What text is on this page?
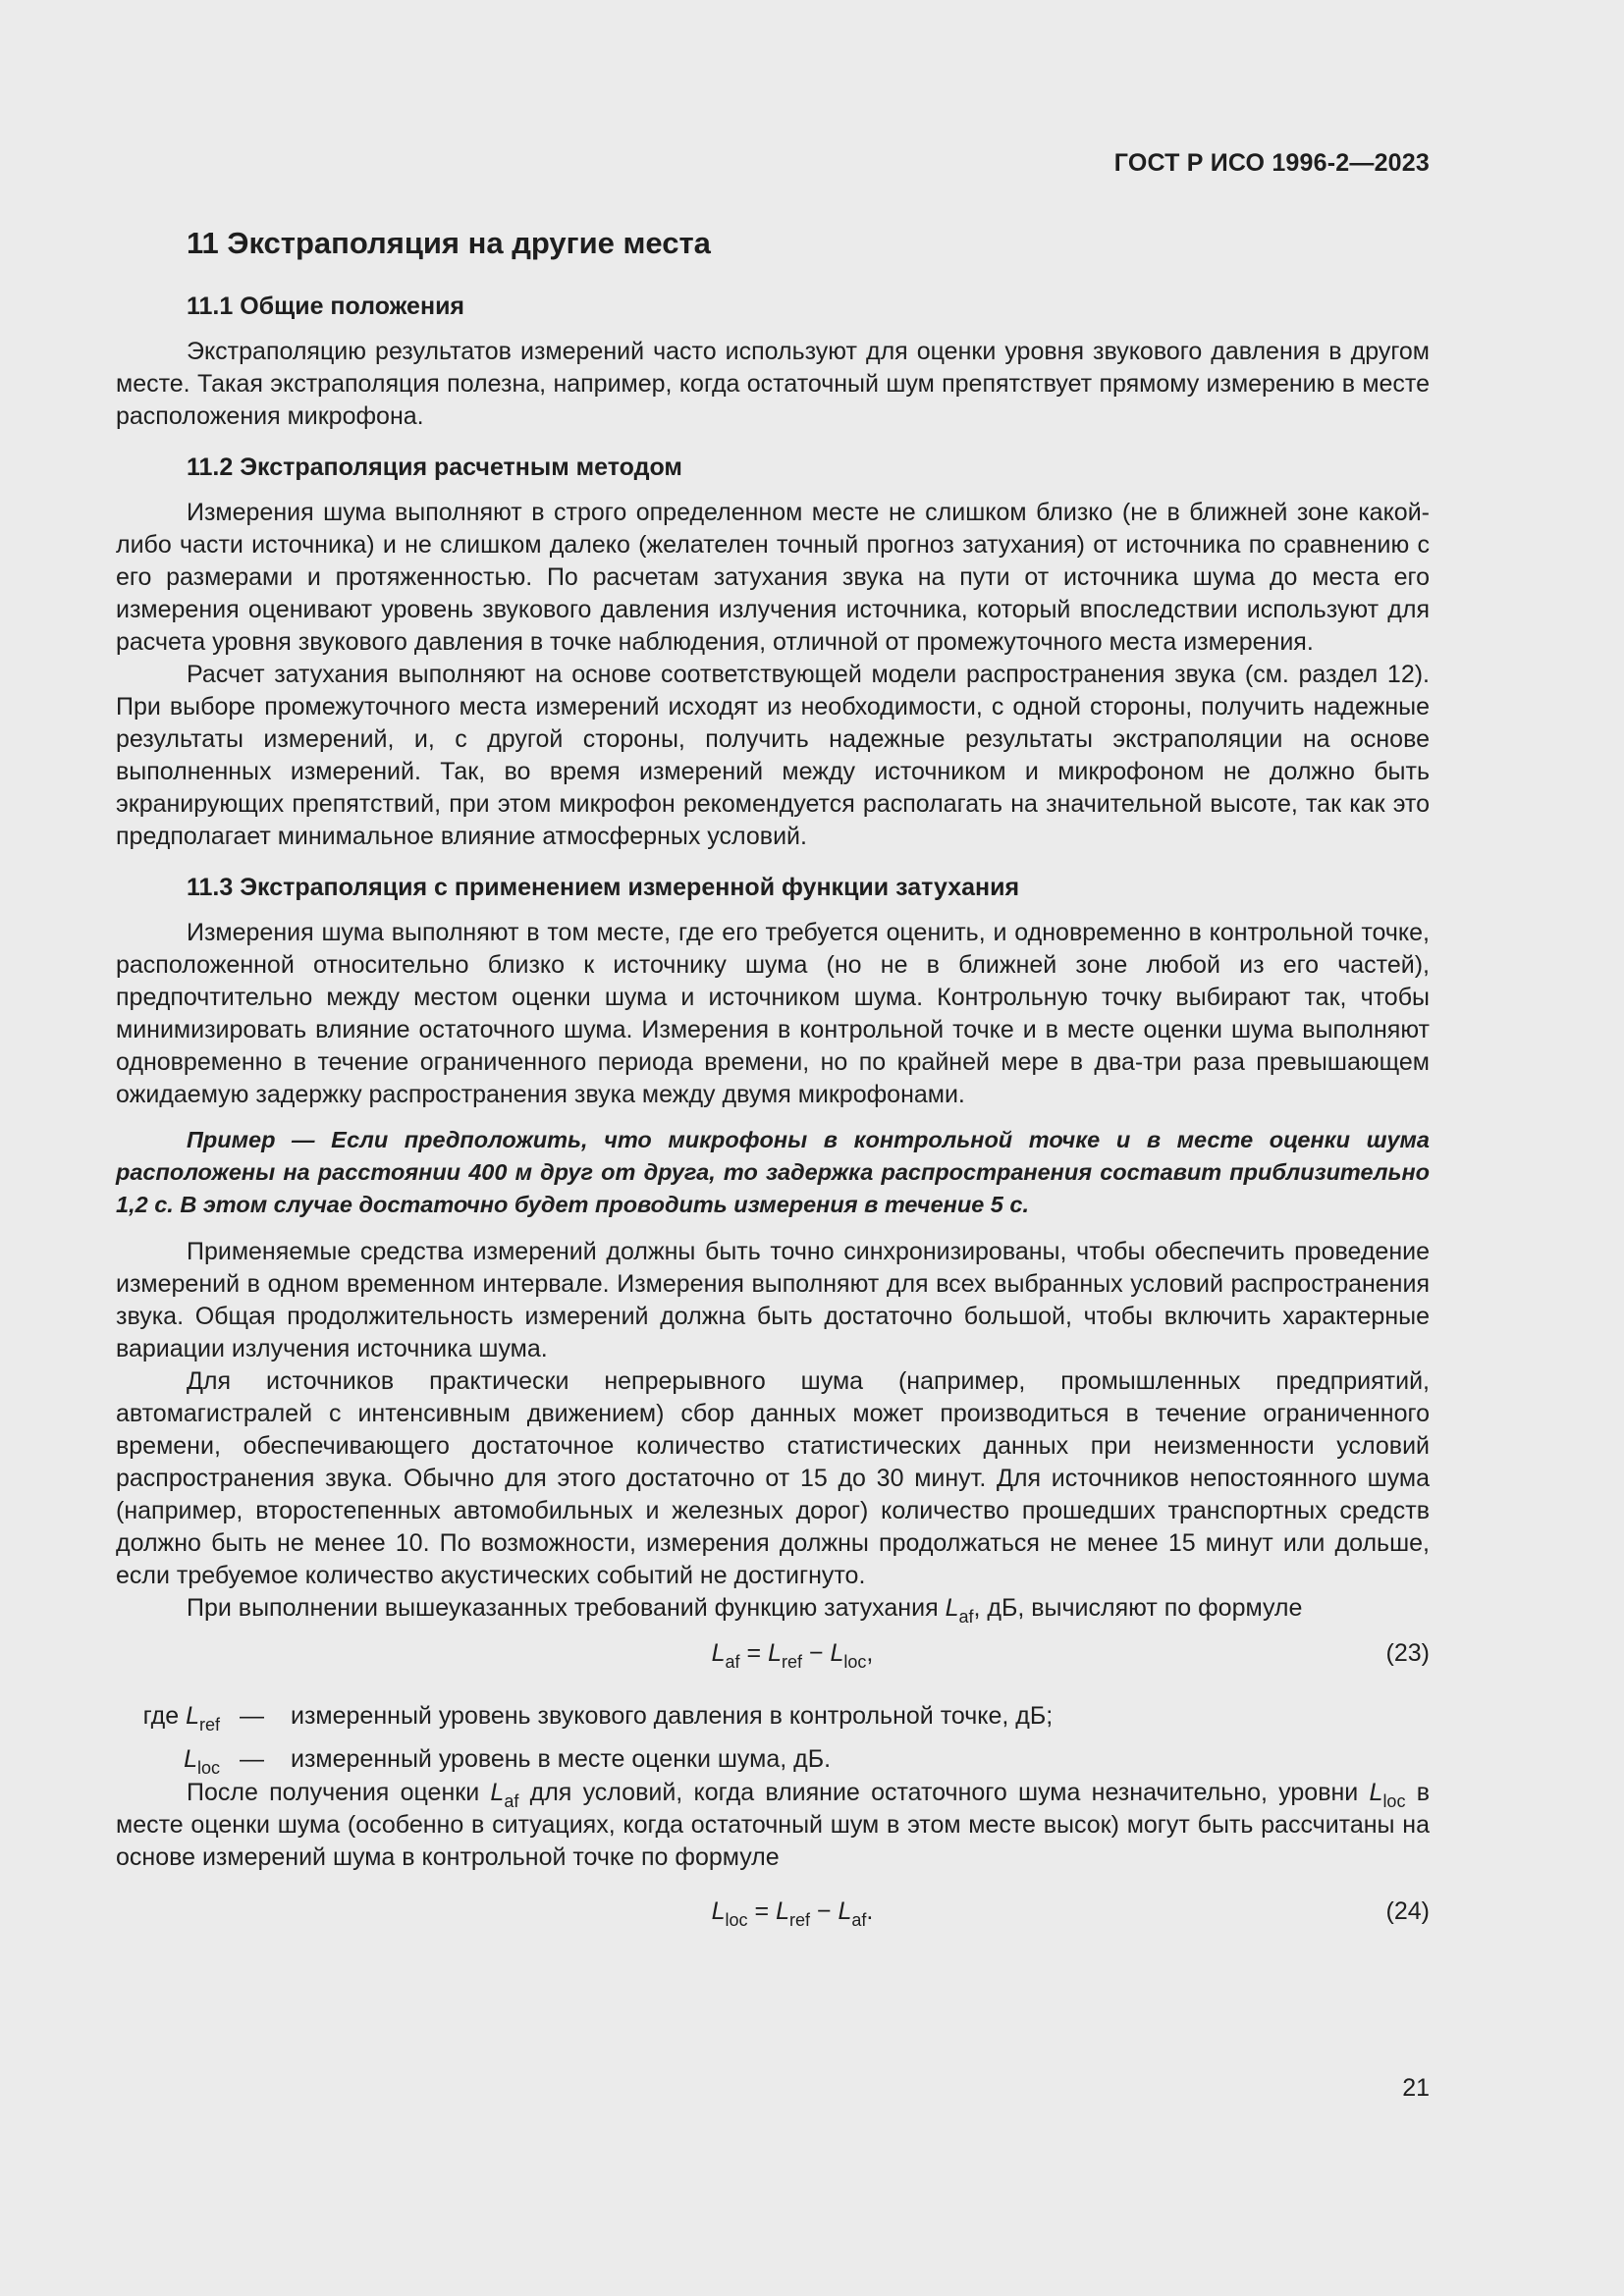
ГОСТ Р ИСО 1996-2—2023
11 Экстраполяция на другие места
11.1 Общие положения

Экстраполяцию результатов измерений часто используют для оценки уровня звукового давления в другом месте. Такая экстраполяция полезна, например, когда остаточный шум препятствует прямому измерению в месте расположения микрофона.

11.2 Экстраполяция расчетным методом

Измерения шума выполняют в строго определенном месте не слишком близко (не в ближней зоне какой-либо части источника) и не слишком далеко (желателен точный прогноз затухания) от источника по сравнению с его размерами и протяженностью. По расчетам затухания звука на пути от источника шума до места его измерения оценивают уровень звукового давления излучения источника, который впоследствии используют для расчета уровня звукового давления в точке наблюдения, отличной от промежуточного места измерения.

Расчет затухания выполняют на основе соответствующей модели распространения звука (см. раздел 12). При выборе промежуточного места измерений исходят из необходимости, с одной стороны, получить надежные результаты измерений, и, с другой стороны, получить надежные результаты экстраполяции на основе выполненных измерений. Так, во время измерений между источником и микрофоном не должно быть экранирующих препятствий, при этом микрофон рекомендуется располагать на значительной высоте, так как это предполагает минимальное влияние атмосферных условий.

11.3 Экстраполяция с применением измеренной функции затухания

Измерения шума выполняют в том месте, где его требуется оценить, и одновременно в контрольной точке, расположенной относительно близко к источнику шума (но не в ближней зоне любой из его частей), предпочтительно между местом оценки шума и источником шума. Контрольную точку выбирают так, чтобы минимизировать влияние остаточного шума. Измерения в контрольной точке и в месте оценки шума выполняют одновременно в течение ограниченного периода времени, но по крайней мере в два-три раза превышающем ожидаемую задержку распространения звука между двумя микрофонами.

Пример — Если предположить, что микрофоны в контрольной точке и в месте оценки шума расположены на расстоянии 400 м друг от друга, то задержка распространения составит приблизительно 1,2 с. В этом случае достаточно будет проводить измерения в течение 5 с.

Применяемые средства измерений должны быть точно синхронизированы, чтобы обеспечить проведение измерений в одном временном интервале. Измерения выполняют для всех выбранных условий распространения звука. Общая продолжительность измерений должна быть достаточно большой, чтобы включить характерные вариации излучения источника шума.

Для источников практически непрерывного шума (например, промышленных предприятий, автомагистралей с интенсивным движением) сбор данных может производиться в течение ограниченного времени, обеспечивающего достаточное количество статистических данных при неизменности условий распространения звука. Обычно для этого достаточно от 15 до 30 минут. Для источников непостоянного шума (например, второстепенных автомобильных и железных дорог) количество прошедших транспортных средств должно быть не менее 10. По возможности, измерения должны продолжаться не менее 15 минут или дольше, если требуемое количество акустических событий не достигнуто.

При выполнении вышеуказанных требований функцию затухания $L_{af}$, дБ, вычисляют по формуле

$L_{af} = L_{ref} - L_{loc}$,	(23)
где $L_{ref}$ — измеренный уровень звукового давления в контрольной точке, дБ;
$L_{loc}$ — измеренный уровень в месте оценки шума, дБ.

После получения оценки $L_{af}$ для условий, когда влияние остаточного шума незначительно, уровни $L_{loc}$ в месте оценки шума (особенно в ситуациях, когда остаточный шум в этом месте высок) могут быть рассчитаны на основе измерений шума в контрольной точке по формуле

$L_{loc} = L_{ref} - L_{af}$.	(24)
21
